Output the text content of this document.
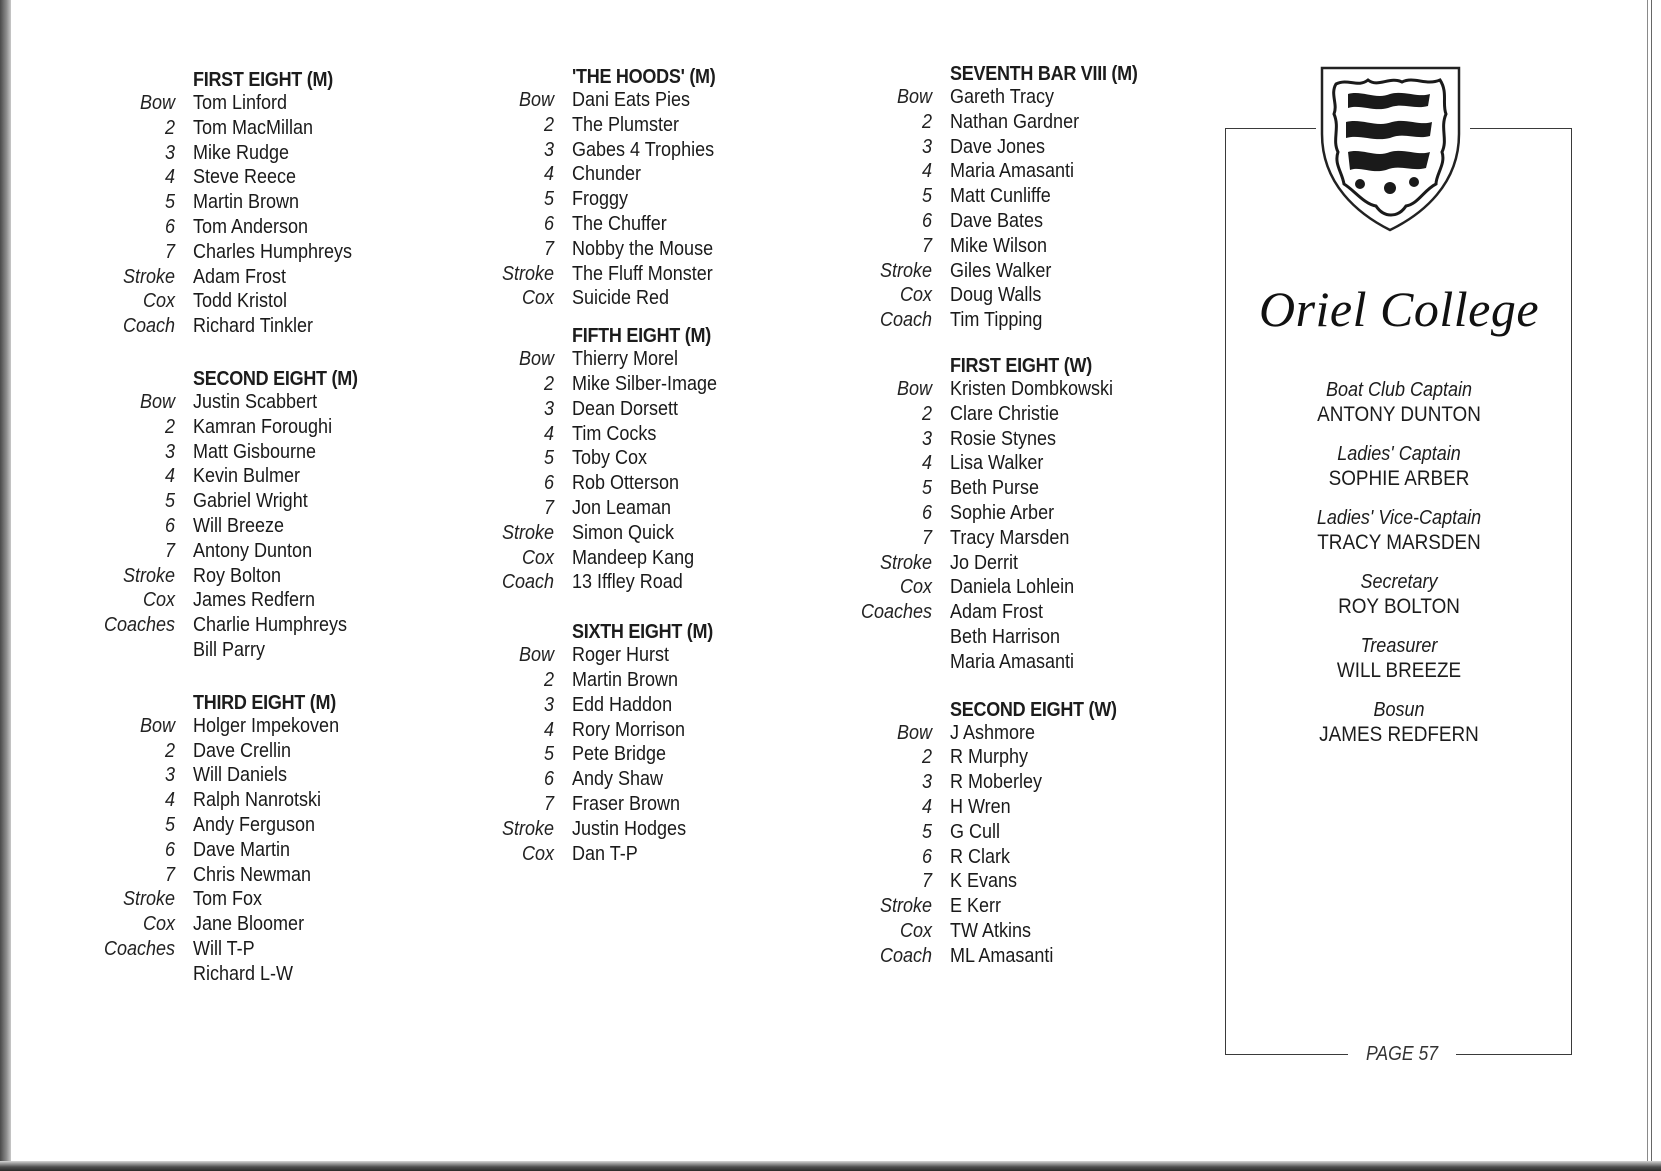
FIRST EIGHT (M)
Bow Tom Linford
2 Tom MacMillan
3 Mike Rudge
4 Steve Reece
5 Martin Brown
6 Tom Anderson
7 Charles Humphreys
Stroke Adam Frost
Cox Todd Kristol
Coach Richard Tinkler
SECOND EIGHT (M)
Bow Justin Scabbert
2 Kamran Foroughi
3 Matt Gisbourne
4 Kevin Bulmer
5 Gabriel Wright
6 Will Breeze
7 Antony Dunton
Stroke Roy Bolton
Cox James Redfern
Coaches Charlie Humphreys
Bill Parry
THIRD EIGHT (M)
Bow Holger Impekoven
2 Dave Crellin
3 Will Daniels
4 Ralph Nanrotski
5 Andy Ferguson
6 Dave Martin
7 Chris Newman
Stroke Tom Fox
Cox Jane Bloomer
Coaches Will T-P
Richard L-W
'THE HOODS' (M)
Bow Dani Eats Pies
2 The Plumster
3 Gabes 4 Trophies
4 Chunder
5 Froggy
6 The Chuffer
7 Nobby the Mouse
Stroke The Fluff Monster
Cox Suicide Red
FIFTH EIGHT (M)
Bow Thierry Morel
2 Mike Silber-Image
3 Dean Dorsett
4 Tim Cocks
5 Toby Cox
6 Rob Otterson
7 Jon Leaman
Stroke Simon Quick
Cox Mandeep Kang
Coach 13 Iffley Road
SIXTH EIGHT (M)
Bow Roger Hurst
2 Martin Brown
3 Edd Haddon
4 Rory Morrison
5 Pete Bridge
6 Andy Shaw
7 Fraser Brown
Stroke Justin Hodges
Cox Dan T-P
SEVENTH BAR VIII (M)
Bow Gareth Tracy
2 Nathan Gardner
3 Dave Jones
4 Maria Amasanti
5 Matt Cunliffe
6 Dave Bates
7 Mike Wilson
Stroke Giles Walker
Cox Doug Walls
Coach Tim Tipping
FIRST EIGHT (W)
Bow Kristen Dombkowski
2 Clare Christie
3 Rosie Stynes
4 Lisa Walker
5 Beth Purse
6 Sophie Arber
7 Tracy Marsden
Stroke Jo Derrit
Cox Daniela Lohlein
Coaches Adam Frost
Beth Harrison
Maria Amasanti
SECOND EIGHT (W)
Bow J Ashmore
2 R Murphy
3 R Moberley
4 H Wren
5 G Cull
6 R Clark
7 K Evans
Stroke E Kerr
Cox TW Atkins
Coach ML Amasanti
Oriel College
Boat Club Captain
ANTONY DUNTON
Ladies' Captain
SOPHIE ARBER
Ladies' Vice-Captain
TRACY MARSDEN
Secretary
ROY BOLTON
Treasurer
WILL BREEZE
Bosun
JAMES REDFERN
PAGE 57
